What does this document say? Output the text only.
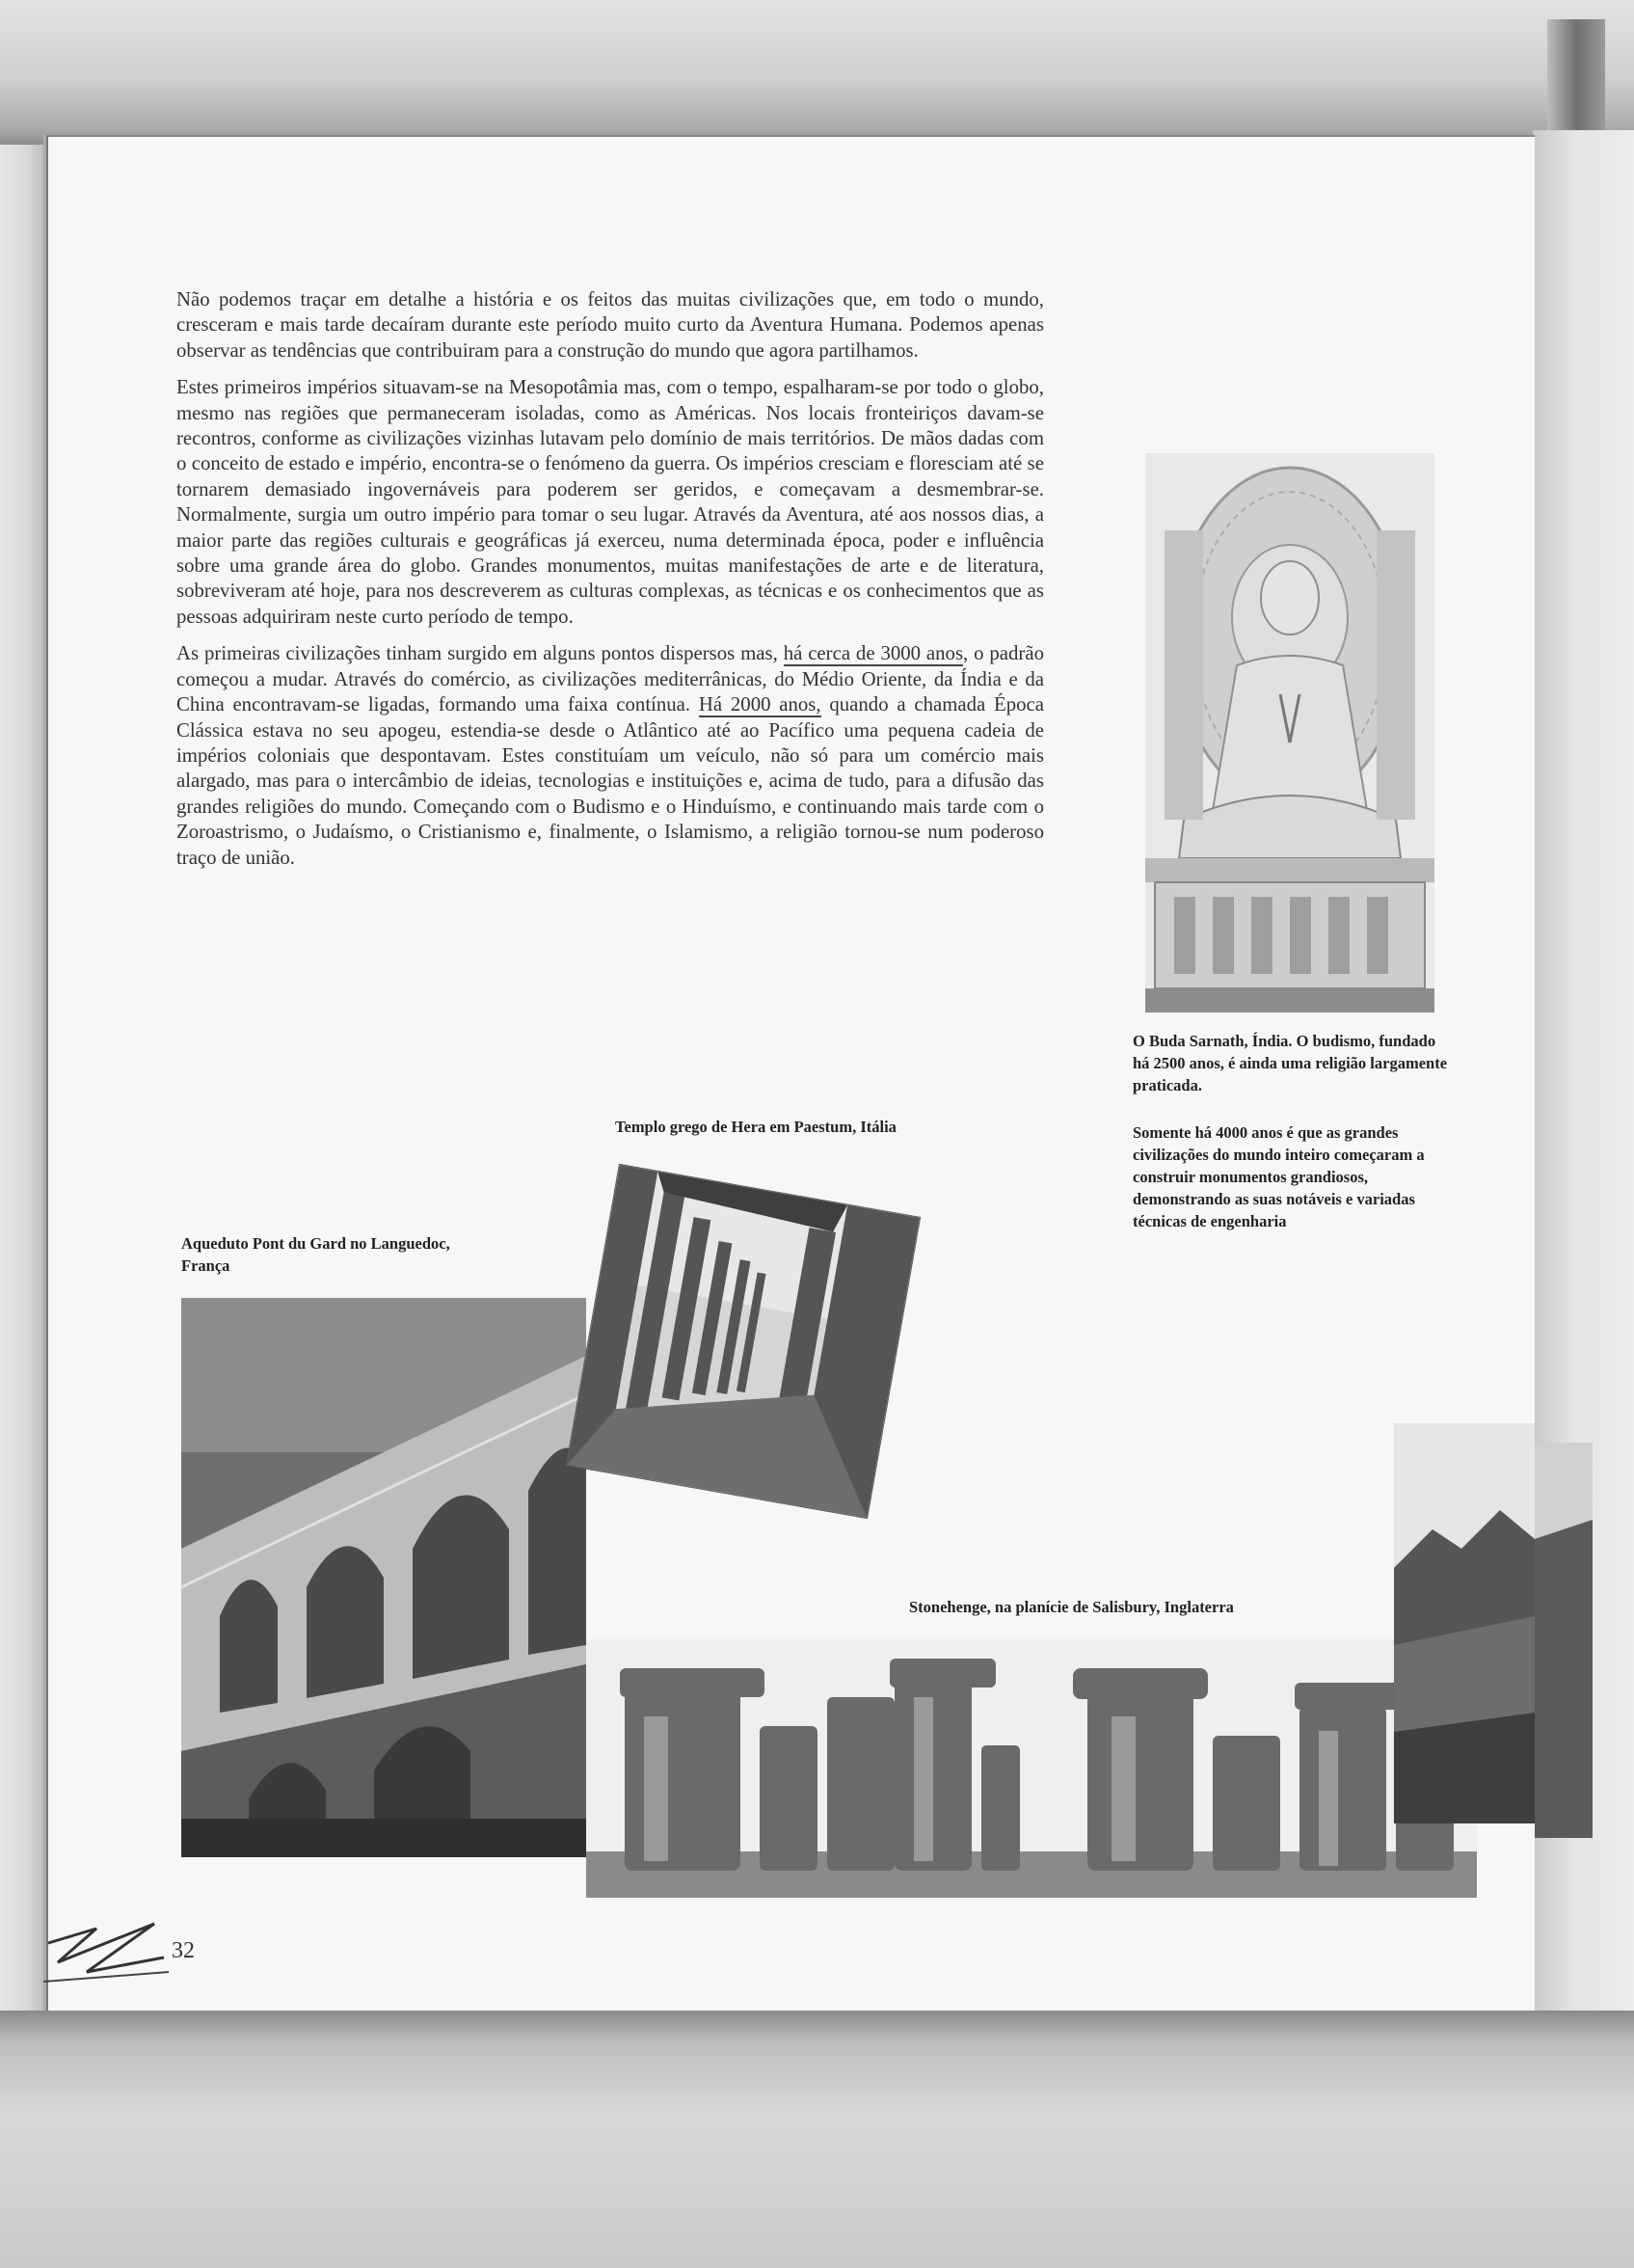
Não podemos traçar em detalhe a história e os feitos das muitas civilizações que, em todo o mundo, cresceram e mais tarde decaíram durante este período muito curto da Aventura Humana. Podemos apenas observar as tendências que contribuiram para a construção do mundo que agora partilhamos.

Estes primeiros impérios situavam-se na Mesopotâmia mas, com o tempo, espalharam-se por todo o globo, mesmo nas regiões que permaneceram isoladas, como as Américas. Nos locais fronteiriços davam-se recontros, conforme as civilizações vizinhas lutavam pelo domínio de mais territórios. De mãos dadas com o conceito de estado e império, encontra-se o fenómeno da guerra. Os impérios cresciam e floresciam até se tornarem demasiado ingovernáveis para poderem ser geridos, e começavam a desmembrar-se. Normalmente, surgia um outro império para tomar o seu lugar. Através da Aventura, até aos nossos dias, a maior parte das regiões culturais e geográficas já exerceu, numa determinada época, poder e influência sobre uma grande área do globo. Grandes monumentos, muitas manifestações de arte e de literatura, sobreviveram até hoje, para nos descreverem as culturas complexas, as técnicas e os conhecimentos que as pessoas adquiriram neste curto período de tempo.

As primeiras civilizações tinham surgido em alguns pontos dispersos mas, há cerca de 3000 anos, o padrão começou a mudar. Através do comércio, as civilizações mediterrânicas, do Médio Oriente, da Índia e da China encontravam-se ligadas, formando uma faixa contínua. Há 2000 anos, quando a chamada Época Clássica estava no seu apogeu, estendia-se desde o Atlântico até ao Pacífico uma pequena cadeia de impérios coloniais que despontavam. Estes constituíam um veículo, não só para um comércio mais alargado, mas para o intercâmbio de ideias, tecnologias e instituições e, acima de tudo, para a difusão das grandes religiões do mundo. Começando com o Budismo e o Hinduísmo, e continuando mais tarde com o Zoroastrismo, o Judaísmo, o Cristianismo e, finalmente, o Islamismo, a religião tornou-se num poderoso traço de união.

O Buda Sarnath, Índia. O budismo, fundado há 2500 anos, é ainda uma religião largamente praticada.

Somente há 4000 anos é que as grandes civilizações do mundo inteiro começaram a construir monumentos grandiosos, demonstrando as suas notáveis e variadas técnicas de engenharia

Templo grego de Hera em Paestum, Itália

Aqueduto Pont du Gard no Languedoc, França

Stonehenge, na planície de Salisbury, Inglaterra

32
